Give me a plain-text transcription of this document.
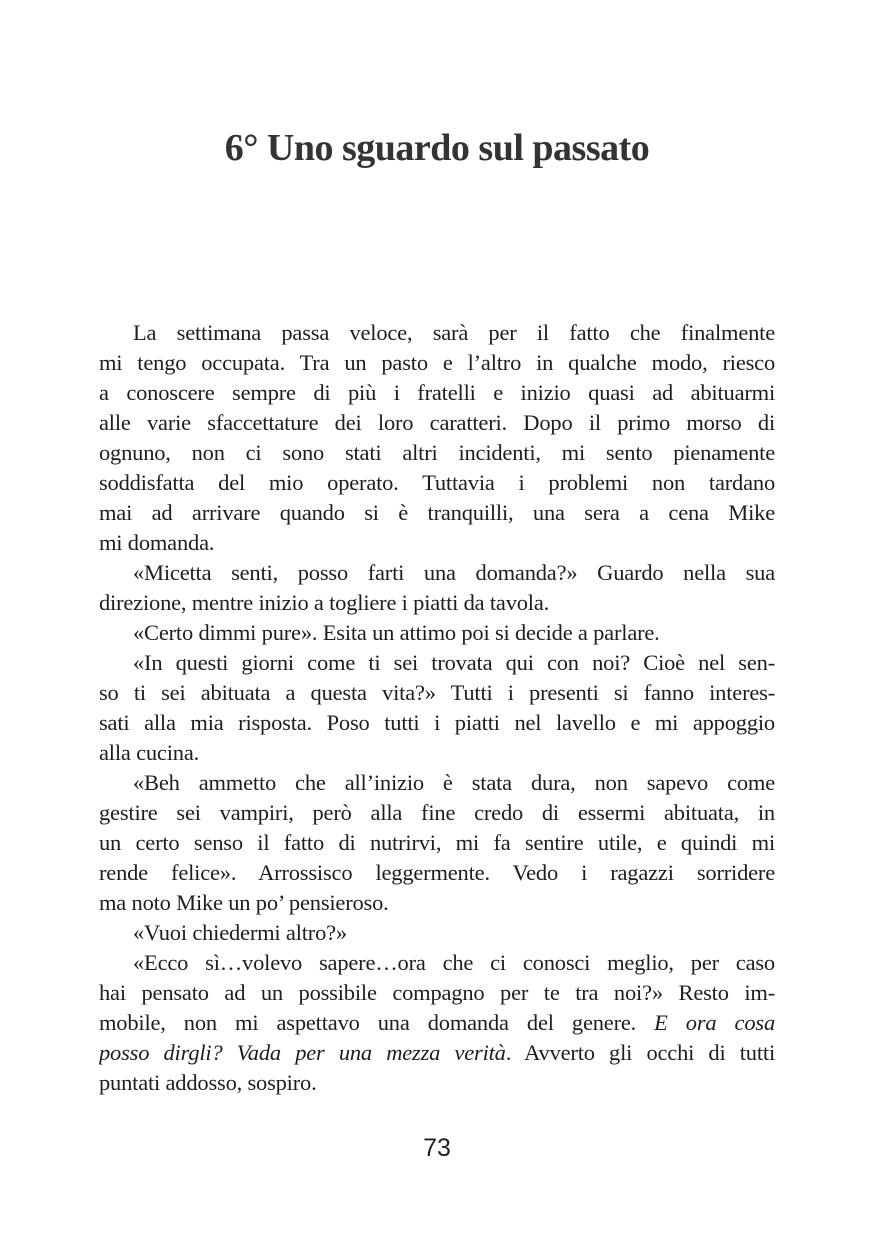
6° Uno sguardo sul passato
La settimana passa veloce, sarà per il fatto che finalmente
mi tengo occupata. Tra un pasto e l’altro in qualche modo, riesco
a conoscere sempre di più i fratelli e inizio quasi ad abituarmi
alle varie sfaccettature dei loro caratteri. Dopo il primo morso di
ognuno, non ci sono stati altri incidenti, mi sento pienamente
soddisfatta del mio operato. Tuttavia i problemi non tardano
mai ad arrivare quando si è tranquilli, una sera a cena Mike
mi domanda.
«Micetta senti, posso farti una domanda?» Guardo nella sua
direzione, mentre inizio a togliere i piatti da tavola.
«Certo dimmi pure». Esita un attimo poi si decide a parlare.
«In questi giorni come ti sei trovata qui con noi? Cioè nel sen-
so ti sei abituata a questa vita?» Tutti i presenti si fanno interes-
sati alla mia risposta. Poso tutti i piatti nel lavello e mi appoggio
alla cucina.
«Beh ammetto che all’inizio è stata dura, non sapevo come
gestire sei vampiri, però alla fine credo di essermi abituata, in
un certo senso il fatto di nutrirvi, mi fa sentire utile, e quindi mi
rende felice». Arrossisco leggermente. Vedo i ragazzi sorridere
ma noto Mike un po’ pensieroso.
«Vuoi chiedermi altro?»
«Ecco sì…volevo sapere…ora che ci conosci meglio, per caso
hai pensato ad un possibile compagno per te tra noi?» Resto im-
mobile, non mi aspettavo una domanda del genere. E ora cosa
posso dirgli? Vada per una mezza verità. Avverto gli occhi di tutti
puntati addosso, sospiro.
73
